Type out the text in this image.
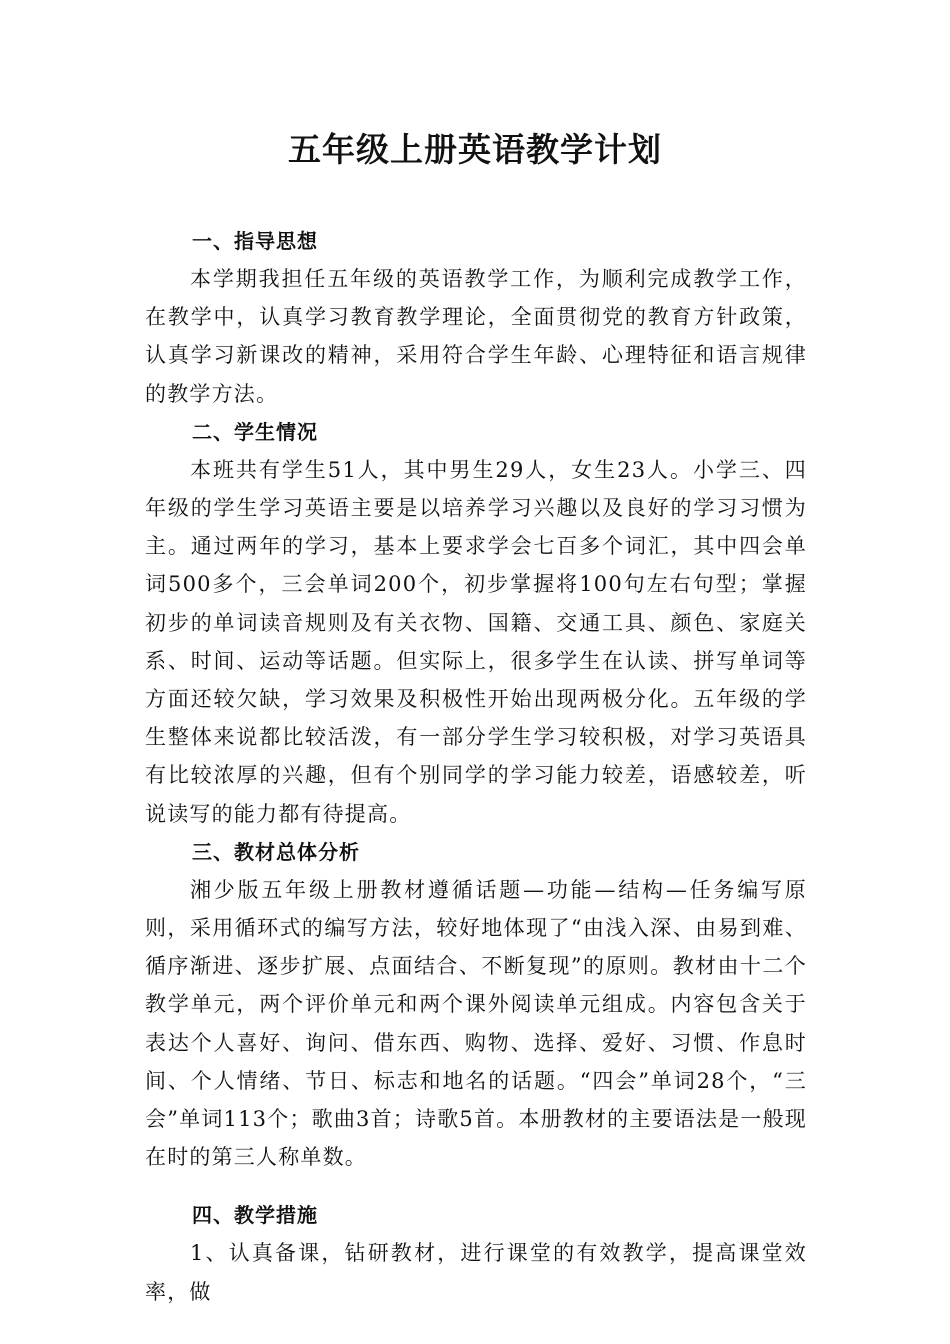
五年级上册英语教学计划
一、指导思想

本学期我担任五年级的英语教学工作，为顺利完成教学工作，在教学中，认真学习教育教学理论，全面贯彻党的教育方针政策，认真学习新课改的精神，采用符合学生年龄、心理特征和语言规律的教学方法。

二、学生情况

本班共有学生51人，其中男生29人，女生23人。小学三、四年级的学生学习英语主要是以培养学习兴趣以及良好的学习习惯为主。通过两年的学习，基本上要求学会七百多个词汇，其中四会单词500多个，三会单词200个，初步掌握将100句左右句型；掌握初步的单词读音规则及有关衣物、国籍、交通工具、颜色、家庭关系、时间、运动等话题。但实际上，很多学生在认读、拼写单词等方面还较欠缺，学习效果及积极性开始出现两极分化。五年级的学生整体来说都比较活泼，有一部分学生学习较积极，对学习英语具有比较浓厚的兴趣，但有个别同学的学习能力较差，语感较差，听说读写的能力都有待提高。

三、教材总体分析

湘少版五年级上册教材遵循话题—功能—结构—任务编写原则，采用循环式的编写方法，较好地体现了“由浅入深、由易到难、循序渐进、逐步扩展、点面结合、不断复现”的原则。教材由十二个教学单元，两个评价单元和两个课外阅读单元组成。内容包含关于表达个人喜好、询问、借东西、购物、选择、爱好、习惯、作息时间、个人情绪、节日、标志和地名的话题。“四会”单词28个，“三会”单词113个；歌曲3首；诗歌5首。本册教材的主要语法是一般现在时的第三人称单数。

四、教学措施

1、认真备课，钻研教材，进行课堂的有效教学，提高课堂效率，做
